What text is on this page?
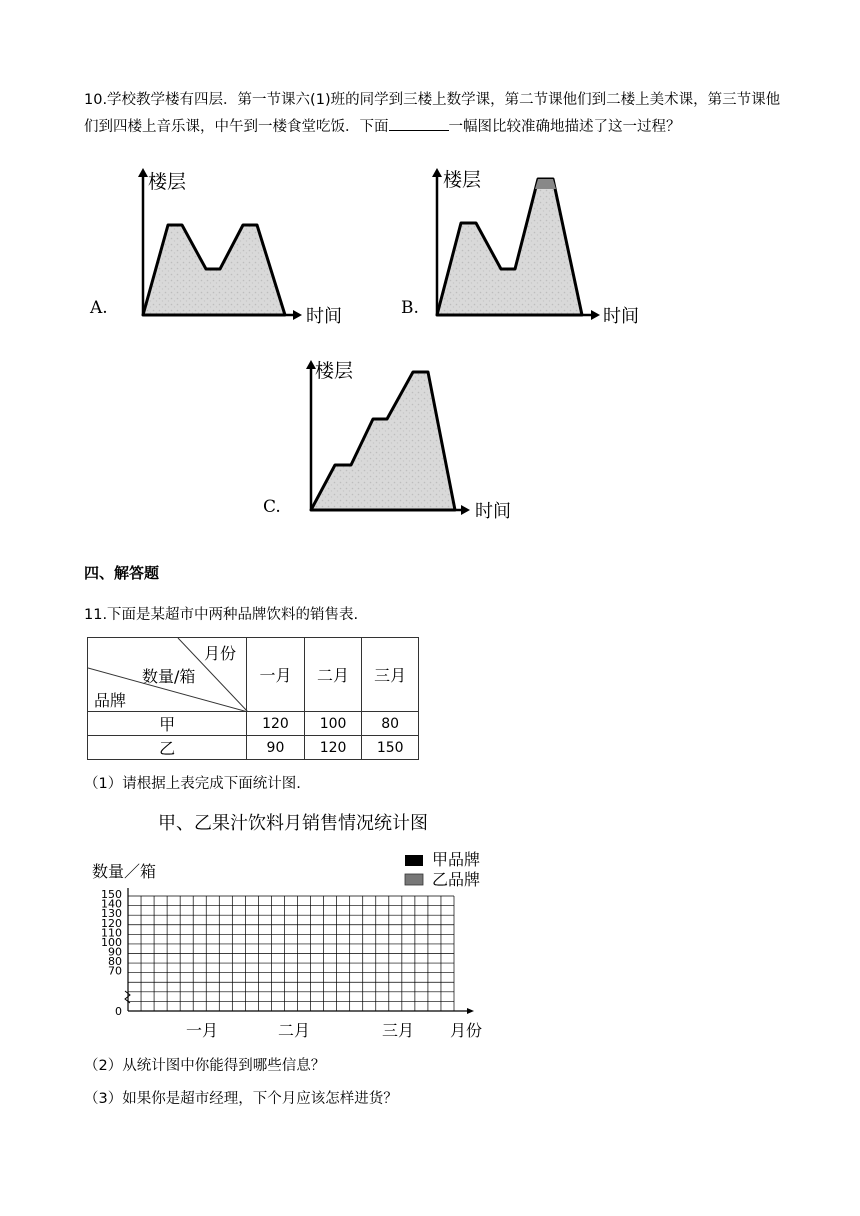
10.学校教学楼有四层．第一节课六(1)班的同学到三楼上数学课，第二节课他们到二楼上美术课，第三节课他们到四楼上音乐课，中午到一楼食堂吃饭．下面	一幅图比较准确地描述了这一过程？
楼层
时间
A.
楼层
时间
B.
楼层
时间
C.
四、解答题
11.下面是某超市中两种品牌饮料的销售表.
月份
数量/箱
品牌	一月	二月	三月
甲	120	100	80
乙	90	120	150
（1）请根据上表完成下面统计图.
甲、乙果汁饮料月销售情况统计图
数量／箱
甲品牌
乙品牌
150
140
130
120
110
100
90
80
70
0
一月	二月	三月 月份
（2）从统计图中你能得到哪些信息？
（3）如果你是超市经理，下个月应该怎样进货？
